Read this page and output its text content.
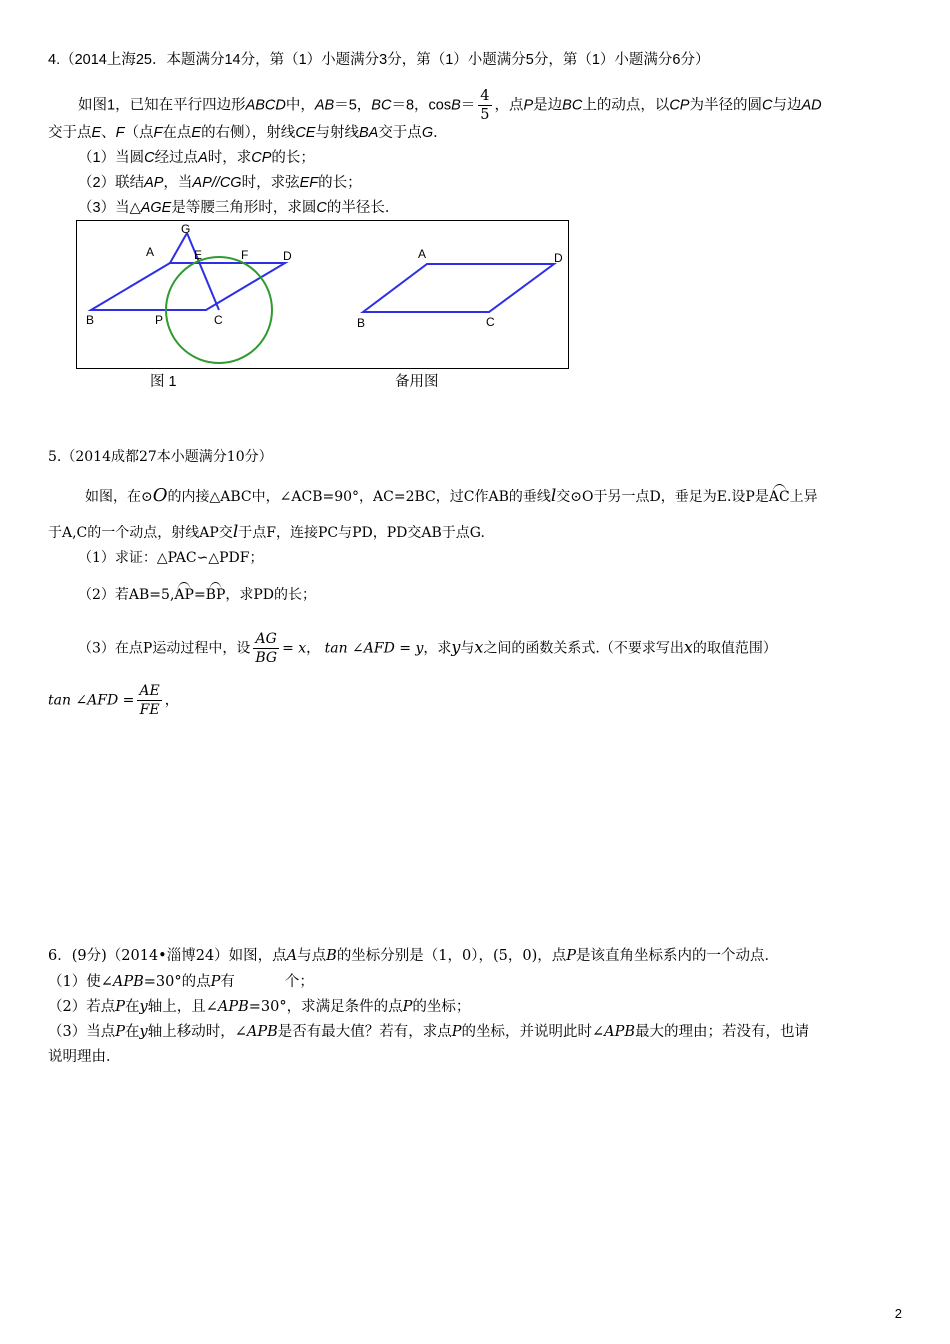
4.（2014上海25．本题满分14分，第（1）小题满分3分，第（1）小题满分5分，第（1）小题满分6分）
如图1，已知在平行四边形ABCD中，AB＝5，BC＝8，$\cos B= \frac{4}{5}$ ，点P是边BC上的动点，以CP为半径的圆C与边AD
交于点E、F（点F在点E的右侧），射线CE与射线BA交于点G．
（1）当圆C经过点A时，求CP的长；
（2）联结AP，当AP//CG时，求弦EF的长；
（3）当△AGE是等腰三角形时，求圆C的半径长．
G
A	E	F	D
B	P	C
A	D
B	C
图 1	备用图
5.（2014成都27本小题满分10分）
如图，在⊙O的内接△ABC中，∠ACB=90°，AC=2BC，过C作AB的垂线l交⊙O于另一点D，垂足为E.设P是AC上异
于A,C的一个动点，射线AP交l于点F，连接PC与PD，PD交AB于点G.
（1）求证：△PAC∽△PDF；
（2）若AB=5,AP=BP，求PD的长；
（3）在点P运动过程中，设 $\frac{AG}{BG} = x$， tan ∠AFD = y，求y与x之间的函数关系式.（不要求写出x的取值范围）
tan ∠AFD = $\frac{AE}{FE}$ ，
6．(9分)（2014•淄博24）如图，点A与点B的坐标分别是（1，0），(5，0)，点P是该直角坐标系内的一个动点．
（1）使∠APB=30°的点P有	个；
（2）若点P在y轴上，且∠APB=30°，求满足条件的点P的坐标；
（3）当点P在y轴上移动时，∠APB是否有最大值？若有，求点P的坐标，并说明此时∠APB最大的理由；若没有，也请
说明理由．
2
